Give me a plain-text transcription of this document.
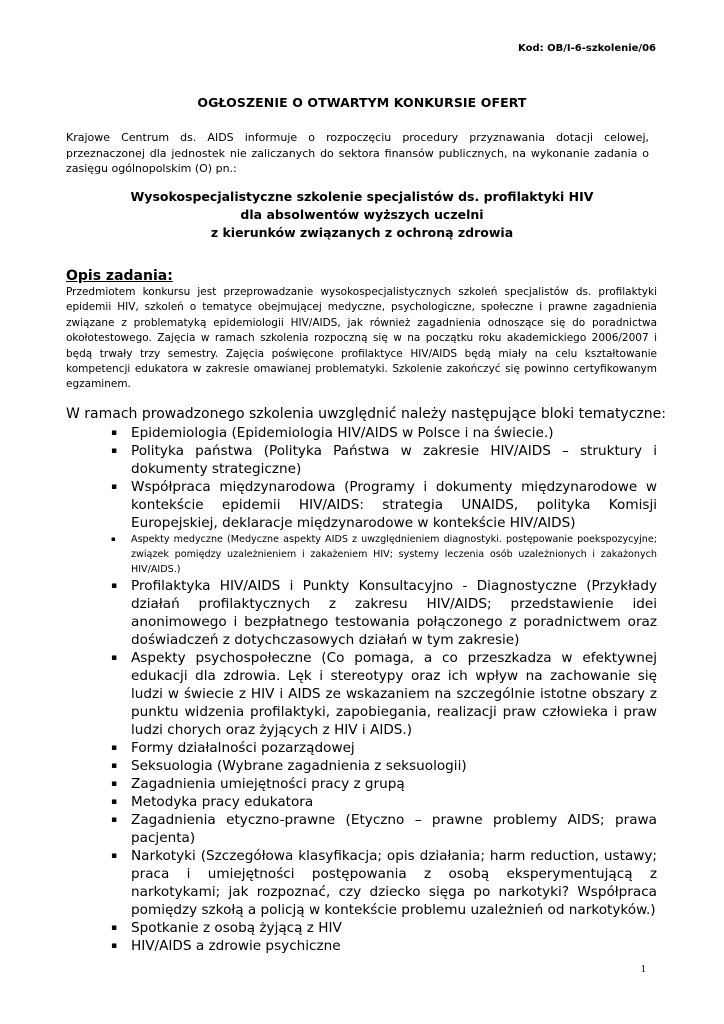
Kod: OB/I-6-szkolenie/06
OGŁOSZENIE O OTWARTYM KONKURSIE OFERT
Krajowe Centrum ds. AIDS informuje o rozpoczęciu procedury przyznawania dotacji celowej, przeznaczonej dla jednostek nie zaliczanych do sektora finansów publicznych, na wykonanie zadania o zasięgu ogólnopolskim (O) pn.:
Wysokospecjalistyczne szkolenie specjalistów ds. profilaktyki HIV
dla absolwentów wyższych uczelni
z kierunków związanych z ochroną zdrowia
Opis zadania:
Przedmiotem konkursu jest przeprowadzanie wysokospecjalistycznych szkoleń specjalistów ds. profilaktyki epidemii HIV, szkoleń o tematyce obejmującej medyczne, psychologiczne, społeczne i prawne zagadnienia związane z problematyką epidemiologii HIV/AIDS, jak również zagadnienia odnoszące się do poradnictwa okołotestowego. Zajęcia w ramach szkolenia rozpoczną się w na początku roku akademickiego 2006/2007 i będą trwały trzy semestry. Zajęcia poświęcone profilaktyce HIV/AIDS będą miały na celu kształtowanie kompetencji edukatora w zakresie omawianej problematyki. Szkolenie zakończyć się powinno certyfikowanym egzaminem.
W ramach prowadzonego szkolenia uwzględnić należy następujące bloki tematyczne:
▪ Epidemiologia (Epidemiologia HIV/AIDS w Polsce i na świecie.)
▪ Polityka państwa (Polityka Państwa w zakresie HIV/AIDS – struktury i dokumenty strategiczne)
▪ Współpraca międzynarodowa (Programy i dokumenty międzynarodowe w kontekście epidemii HIV/AIDS: strategia UNAIDS, polityka Komisji Europejskiej, deklaracje międzynarodowe w kontekście HIV/AIDS)
▪ Aspekty medyczne (Medyczne aspekty AIDS z uwzględnieniem diagnostyki. postępowanie poekspozycyjne; związek pomiędzy uzależnieniem i zakażeniem HIV; systemy leczenia osób uzależnionych i zakażonych HIV/AIDS.)
▪ Profilaktyka HIV/AIDS i Punkty Konsultacyjno - Diagnostyczne (Przykłady działań profilaktycznych z zakresu HIV/AIDS; przedstawienie idei anonimowego i bezpłatnego testowania połączonego z poradnictwem oraz doświadczeń z dotychczasowych działań w tym zakresie)
▪ Aspekty psychospołeczne (Co pomaga, a co przeszkadza w efektywnej edukacji dla zdrowia. Lęk i stereotypy oraz ich wpływ na zachowanie się ludzi w świecie z HIV i AIDS ze wskazaniem na szczególnie istotne obszary z punktu widzenia profilaktyki, zapobiegania, realizacji praw człowieka i praw ludzi chorych oraz żyjących z HIV i AIDS.)
▪ Formy działalności pozarządowej
▪ Seksuologia (Wybrane zagadnienia z seksuologii)
▪ Zagadnienia umiejętności pracy z grupą
▪ Metodyka pracy edukatora
▪ Zagadnienia etyczno-prawne (Etyczno – prawne problemy AIDS; prawa pacjenta)
▪ Narkotyki (Szczegółowa klasyfikacja; opis działania; harm reduction, ustawy; praca i umiejętności postępowania z osobą eksperymentującą z narkotykami; jak rozpoznać, czy dziecko sięga po narkotyki? Współpraca pomiędzy szkołą a policją w kontekście problemu uzależnień od narkotyków.)
▪ Spotkanie z osobą żyjącą z HIV
▪ HIV/AIDS a zdrowie psychiczne
1
